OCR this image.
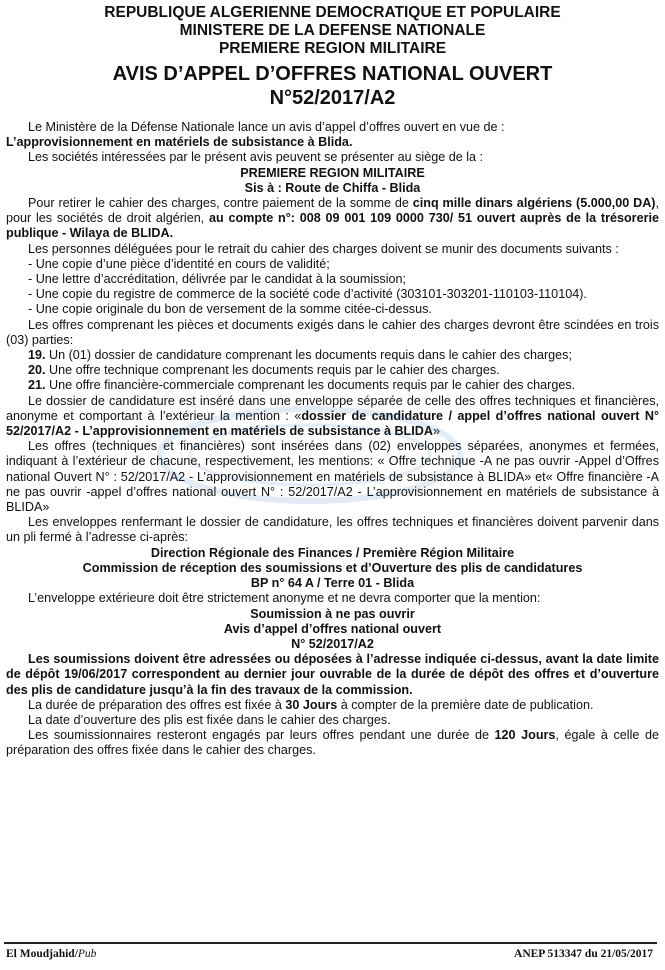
REPUBLIQUE ALGERIENNE DEMOCRATIQUE ET POPULAIRE
MINISTERE DE LA DEFENSE NATIONALE
PREMIERE REGION MILITAIRE
AVIS D’APPEL D’OFFRES NATIONAL OUVERT
N°52/2017/A2

Le Ministère de la Défense Nationale lance un avis d’appel d’offres ouvert en vue de :
L’approvisionnement en matériels de subsistance à Blida.

Les sociétés intéressées par le présent avis peuvent se présenter au siège de la :

PREMIERE REGION MILITAIRE

Sis à : Route de Chiffa - Blida

Pour retirer le cahier des charges, contre paiement de la somme de cinq mille dinars algériens (5.000,00 DA), pour les sociétés de droit algérien, au compte n°: 008 09 001 109 0000 730/ 51 ouvert auprès de la trésorerie publique - Wilaya de BLIDA.

Les personnes déléguées pour le retrait du cahier des charges doivent se munir des documents suivants :

- Une copie d’une pièce d’identité en cours de validité;

- Une lettre d’accréditation, délivrée par le candidat à la soumission;

- Une copie du registre de commerce de la société code d’activité (303101-303201-110103-110104).

- Une copie originale du bon de versement de la somme citée-ci-dessus.

Les offres comprenant les pièces et documents exigés dans le cahier des charges devront être scindées en trois (03) parties:

19. Un (01) dossier de candidature comprenant les documents requis dans le cahier des charges;

20. Une offre technique comprenant les documents requis par le cahier des charges.

21. Une offre financière-commerciale comprenant les documents requis par le cahier des charges.

Le dossier de candidature est inséré dans une enveloppe séparée de celle des offres techniques et financières, anonyme et comportant à l’extérieur la mention : «dossier de candidature / appel d’offres national ouvert N° 52/2017/A2 - L’approvisionnement en matériels de subsistance à BLIDA»

Les offres (techniques et financières) sont insérées dans (02) enveloppes séparées, anonymes et fermées, indiquant à l’extérieur de chacune, respectivement, les mentions: « Offre technique -A ne pas ouvrir -Appel d’Offres national Ouvert N° : 52/2017/A2 - L’approvisionnement en matériels de subsistance à BLIDA» et« Offre financière -A ne pas ouvrir -appel d’offres national ouvert N° : 52/2017/A2 - L’approvisionnement en matériels de subsistance à BLIDA»

Les enveloppes renfermant le dossier de candidature, les offres techniques et financières doivent parvenir dans un pli fermé à l’adresse ci-après:

Direction Régionale des Finances / Première Région Militaire

Commission de réception des soumissions et d’Ouverture des plis de candidatures

BP n° 64 A / Terre 01 - Blida

L’enveloppe extérieure doit être strictement anonyme et ne devra comporter que la mention:

Soumission à ne pas ouvrir

Avis d’appel d’offres national ouvert

N° 52/2017/A2

Les soumissions doivent être adressées ou déposées à l’adresse indiquée ci-dessus, avant la date limite de dépôt 19/06/2017 correspondent au dernier jour ouvrable de la durée de dépôt des offres et d’ouverture des plis de candidature jusqu’à la fin des travaux de la commission.

La durée de préparation des offres est fixée à 30 Jours à compter de la première date de publication.

La date d’ouverture des plis est fixée dans le cahier des charges.

Les soumissionnaires resteront engagés par leurs offres pendant une durée de 120 Jours, égale à celle de préparation des offres fixée dans le cahier des charges.

El Moudjahid/Pub	ANEP 513347 du 21/05/2017
